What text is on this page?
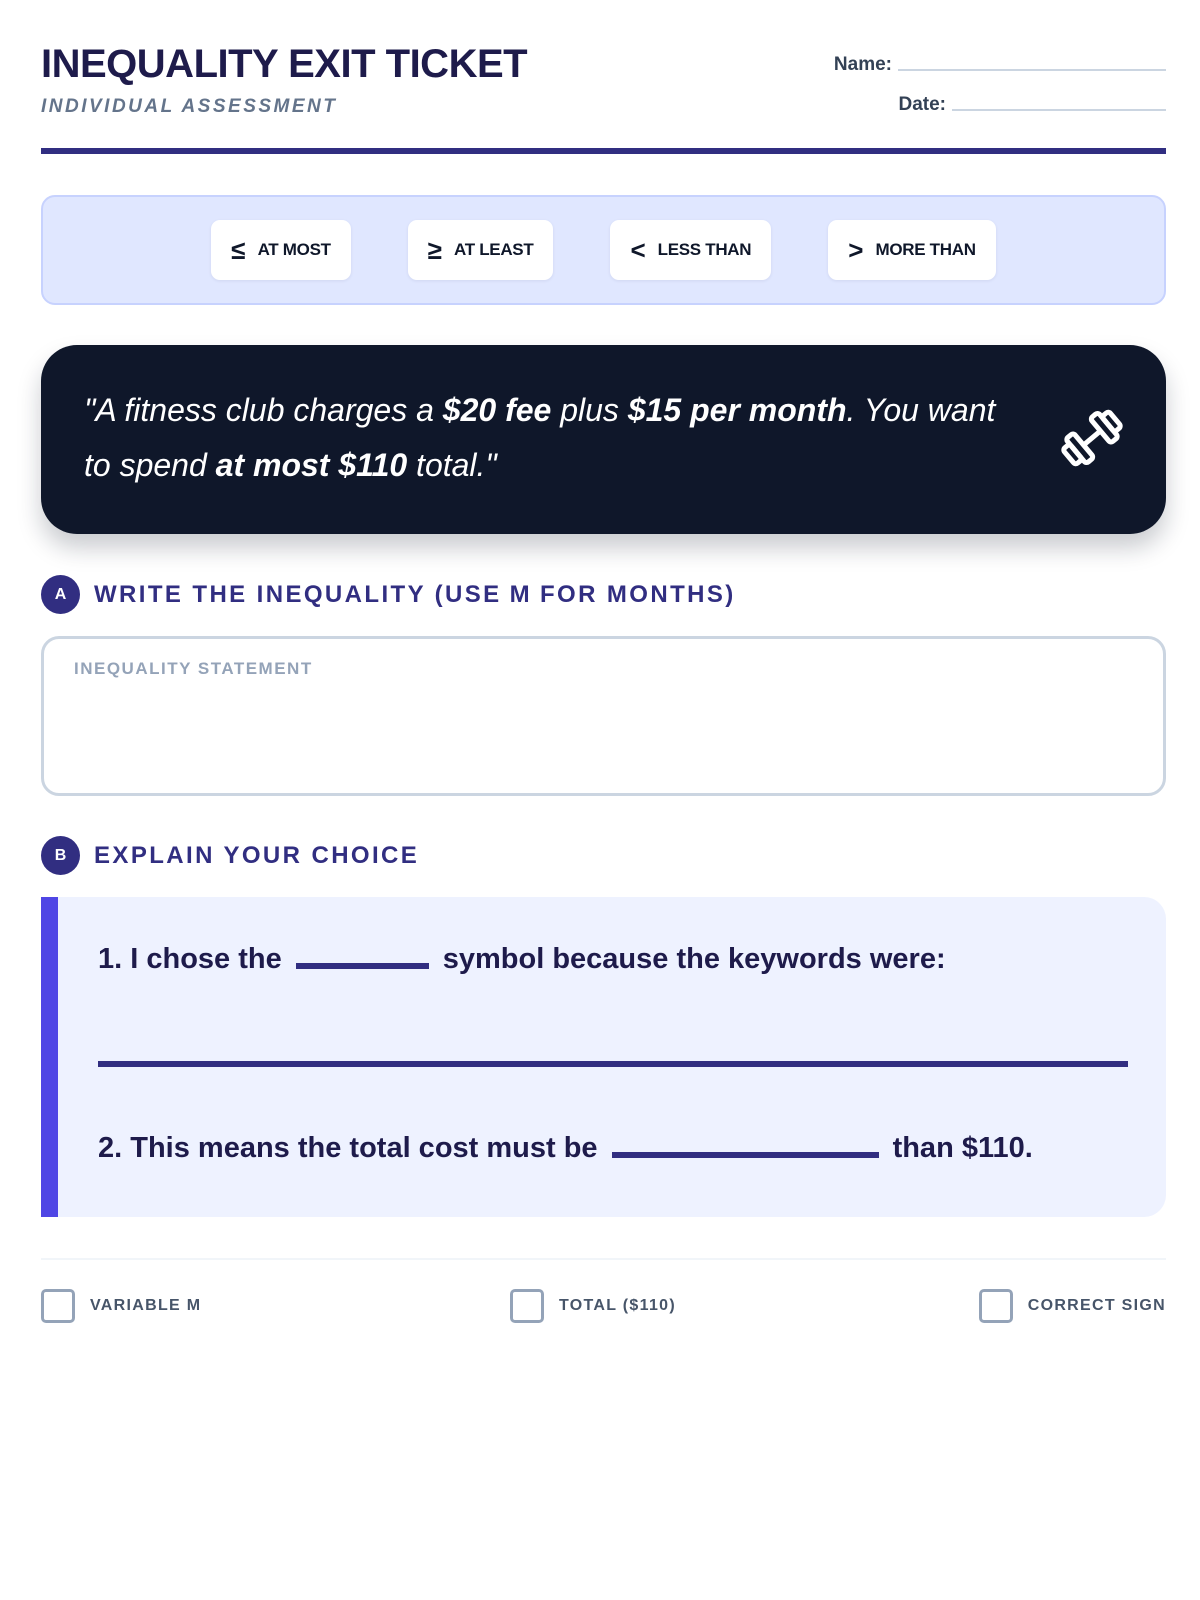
INEQUALITY EXIT TICKET
INDIVIDUAL ASSESSMENT
Name:
Date:
≤ AT MOST	≥ AT LEAST	< LESS THAN	> MORE THAN

"A fitness club charges a $20 fee plus $15 per month. You want to spend at most $110 total."

A	WRITE THE INEQUALITY (USE M FOR MONTHS)
INEQUALITY STATEMENT
B	EXPLAIN YOUR CHOICE
1. I chose the	symbol because the keywords were:
2. This means the total cost must be	than $110.
VARIABLE M	TOTAL ($110)	CORRECT SIGN
